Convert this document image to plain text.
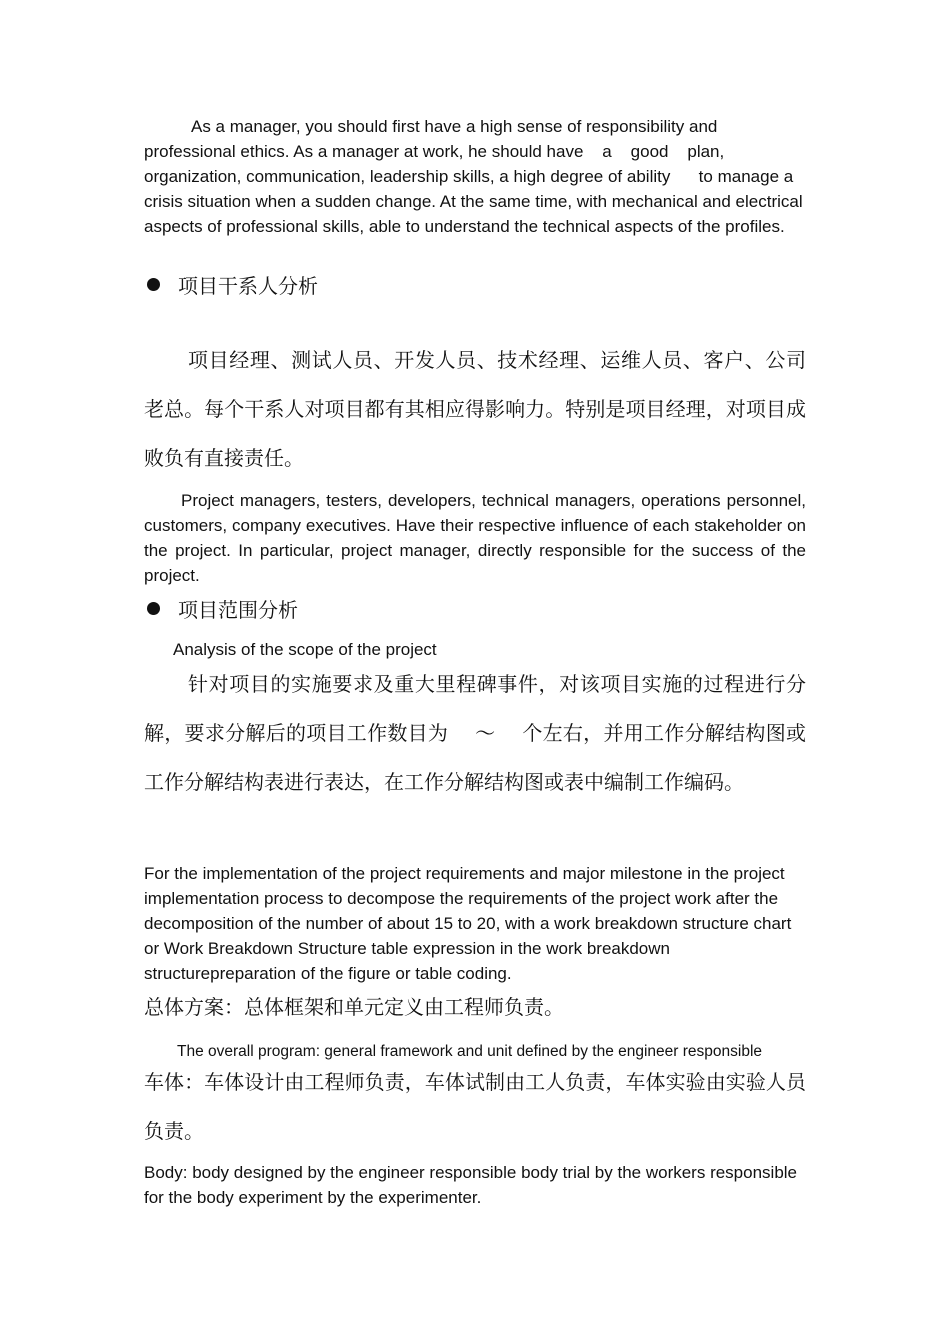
As a manager, you should first have a high sense of responsibility and professional ethics. As a manager at work, he should have    a    good    plan, organization, communication, leadership skills, a high degree of ability      to manage a crisis situation when a sudden change. At the same time, with mechanical and electrical aspects of professional skills, able to understand the technical aspects of the profiles.

项目干系人分析

项目经理、测试人员、开发人员、技术经理、运维人员、客户、公司老总。每个干系人对项目都有其相应得影响力。特别是项目经理，对项目成败负有直接责任。

Project managers, testers, developers, technical managers, operations personnel, customers, company executives. Have their respective influence of each stakeholder on the project. In particular, project manager, directly responsible for the success of the project.

项目范围分析

Analysis of the scope of the project

针对项目的实施要求及重大里程碑事件，对该项目实施的过程进行分解，要求分解后的项目工作数目为　 ～　 个左右，并用工作分解结构图或工作分解结构表进行表达，在工作分解结构图或表中编制工作编码。

For the implementation of the project requirements and major milestone in the project implementation process to decompose the requirements of the project work after the decomposition of the number of about 15 to 20, with a work breakdown structure chart or Work Breakdown Structure table expression in the work breakdown structurepreparation of the figure or table coding.

总体方案：总体框架和单元定义由工程师负责。

The overall program: general framework and unit defined by the engineer responsible

车体：车体设计由工程师负责，车体试制由工人负责，车体实验由实验人员负责。

Body: body designed by the engineer responsible body trial by the workers responsible for the body experiment by the experimenter.
